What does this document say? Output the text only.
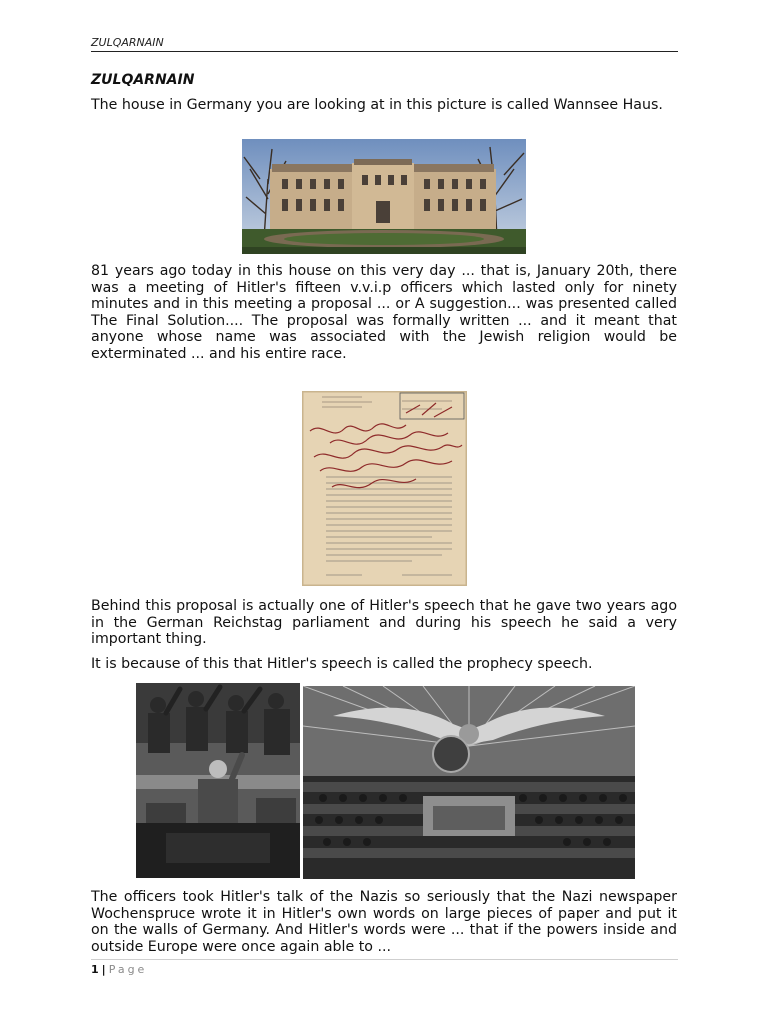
ZULQARNAIN
ZULQARNAIN

The house in Germany you are looking at in this picture is called Wannsee Haus.

81 years ago today in this house on this very day ... that is, January 20th, there was a meeting of Hitler's fifteen v.v.i.p officers which lasted only for ninety minutes and in this meeting a proposal ... or A suggestion... was presented called The Final Solution.... The proposal was formally written ... and it meant that anyone whose name was associated with the Jewish religion would be exterminated ... and his entire race.

Behind this proposal is actually one of Hitler's speech that he gave two years ago in the German Reichstag parliament and during his speech he said a very important thing.

It is because of this that Hitler's speech is called the prophecy speech.

The officers took Hitler's talk of the Nazis so seriously that the Nazi newspaper Wochenspruce wrote it in Hitler's own words on large pieces of paper and put it on the walls of Germany. And Hitler's words were ... that if the powers inside and outside Europe were once again able to ...

1 | Page
